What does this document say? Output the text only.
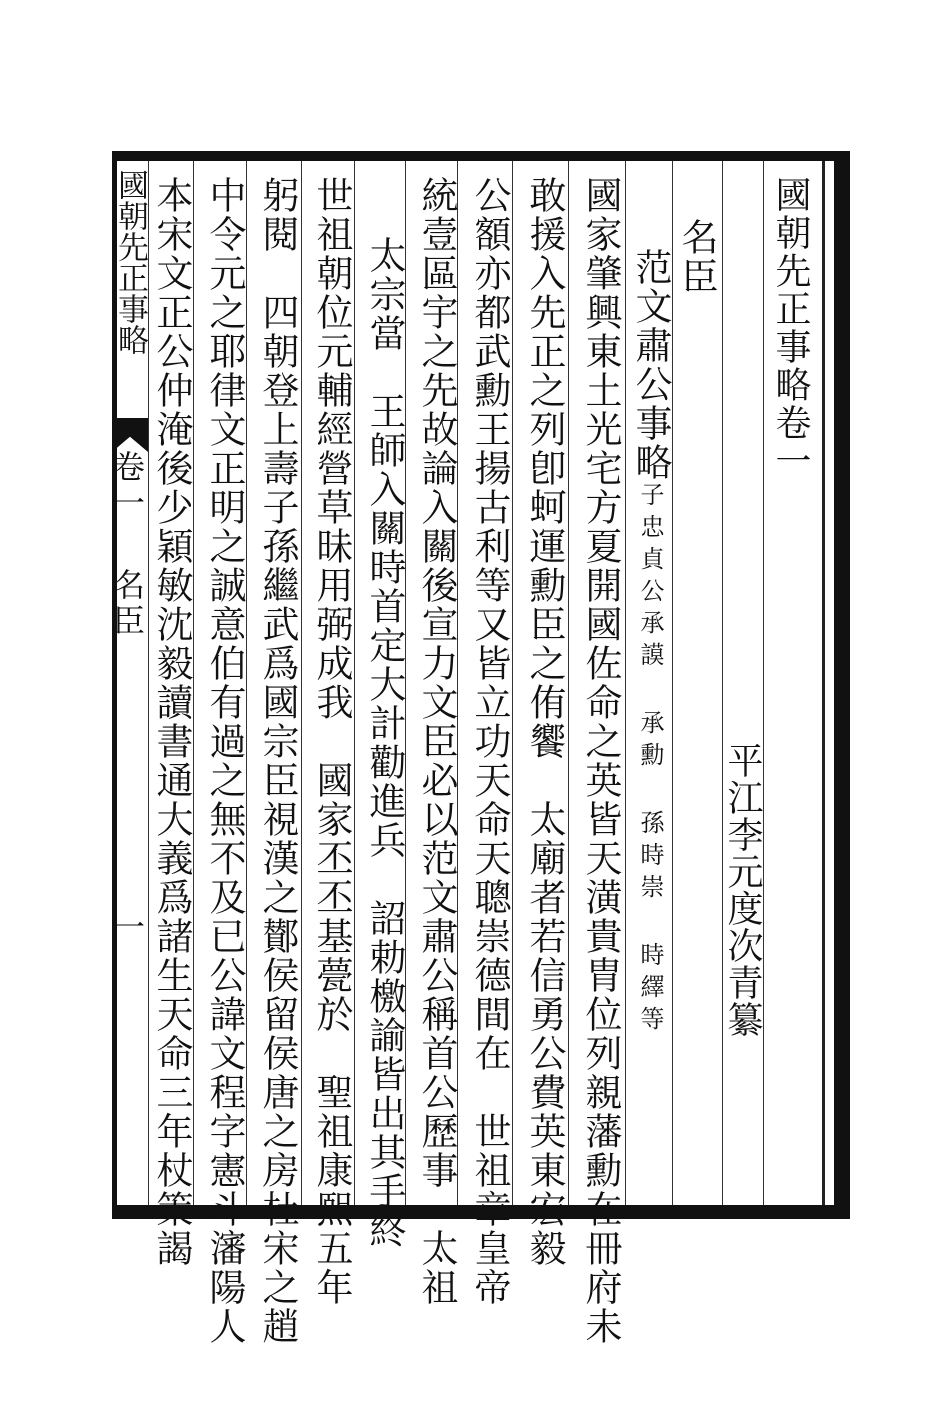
國朝先正事略卷一
平江李元度次青纂
名臣
范文肅公事略子忠貞公承謨 承勳 孫時崇 時繹等
國家肇興東土光宅方夏開國佐命之英皆天潢貴胄位列親藩勳在冊府未
敢援入先正之列卽蚵運勳臣之侑饗　太廟者若信勇公費英東宏毅
公額亦都武勳王揚古利等又皆立功天命天聰崇德間在　世祖章皇帝
統壹區宇之先故論入關後宣力文臣必以范文肅公稱首公歷事　太祖
太宗當　王師入關時首定大計勸進兵　詔勅檄諭皆出其手終
世祖朝位元輔經營草昧用弼成我　國家丕丕基甍於　聖祖康熙五年
躬閱　四朝登上壽子孫繼武爲國宗臣視漢之鄼侯留侯唐之房杜宋之趙
中令元之耶律文正明之誠意伯有過之無不及已公諱文程字憲斗瀋陽人
本宋文正公仲淹後少穎敏沈毅讀書通大義爲諸生天命三年杖策謁
國朝先正事略
卷一
名臣
一
